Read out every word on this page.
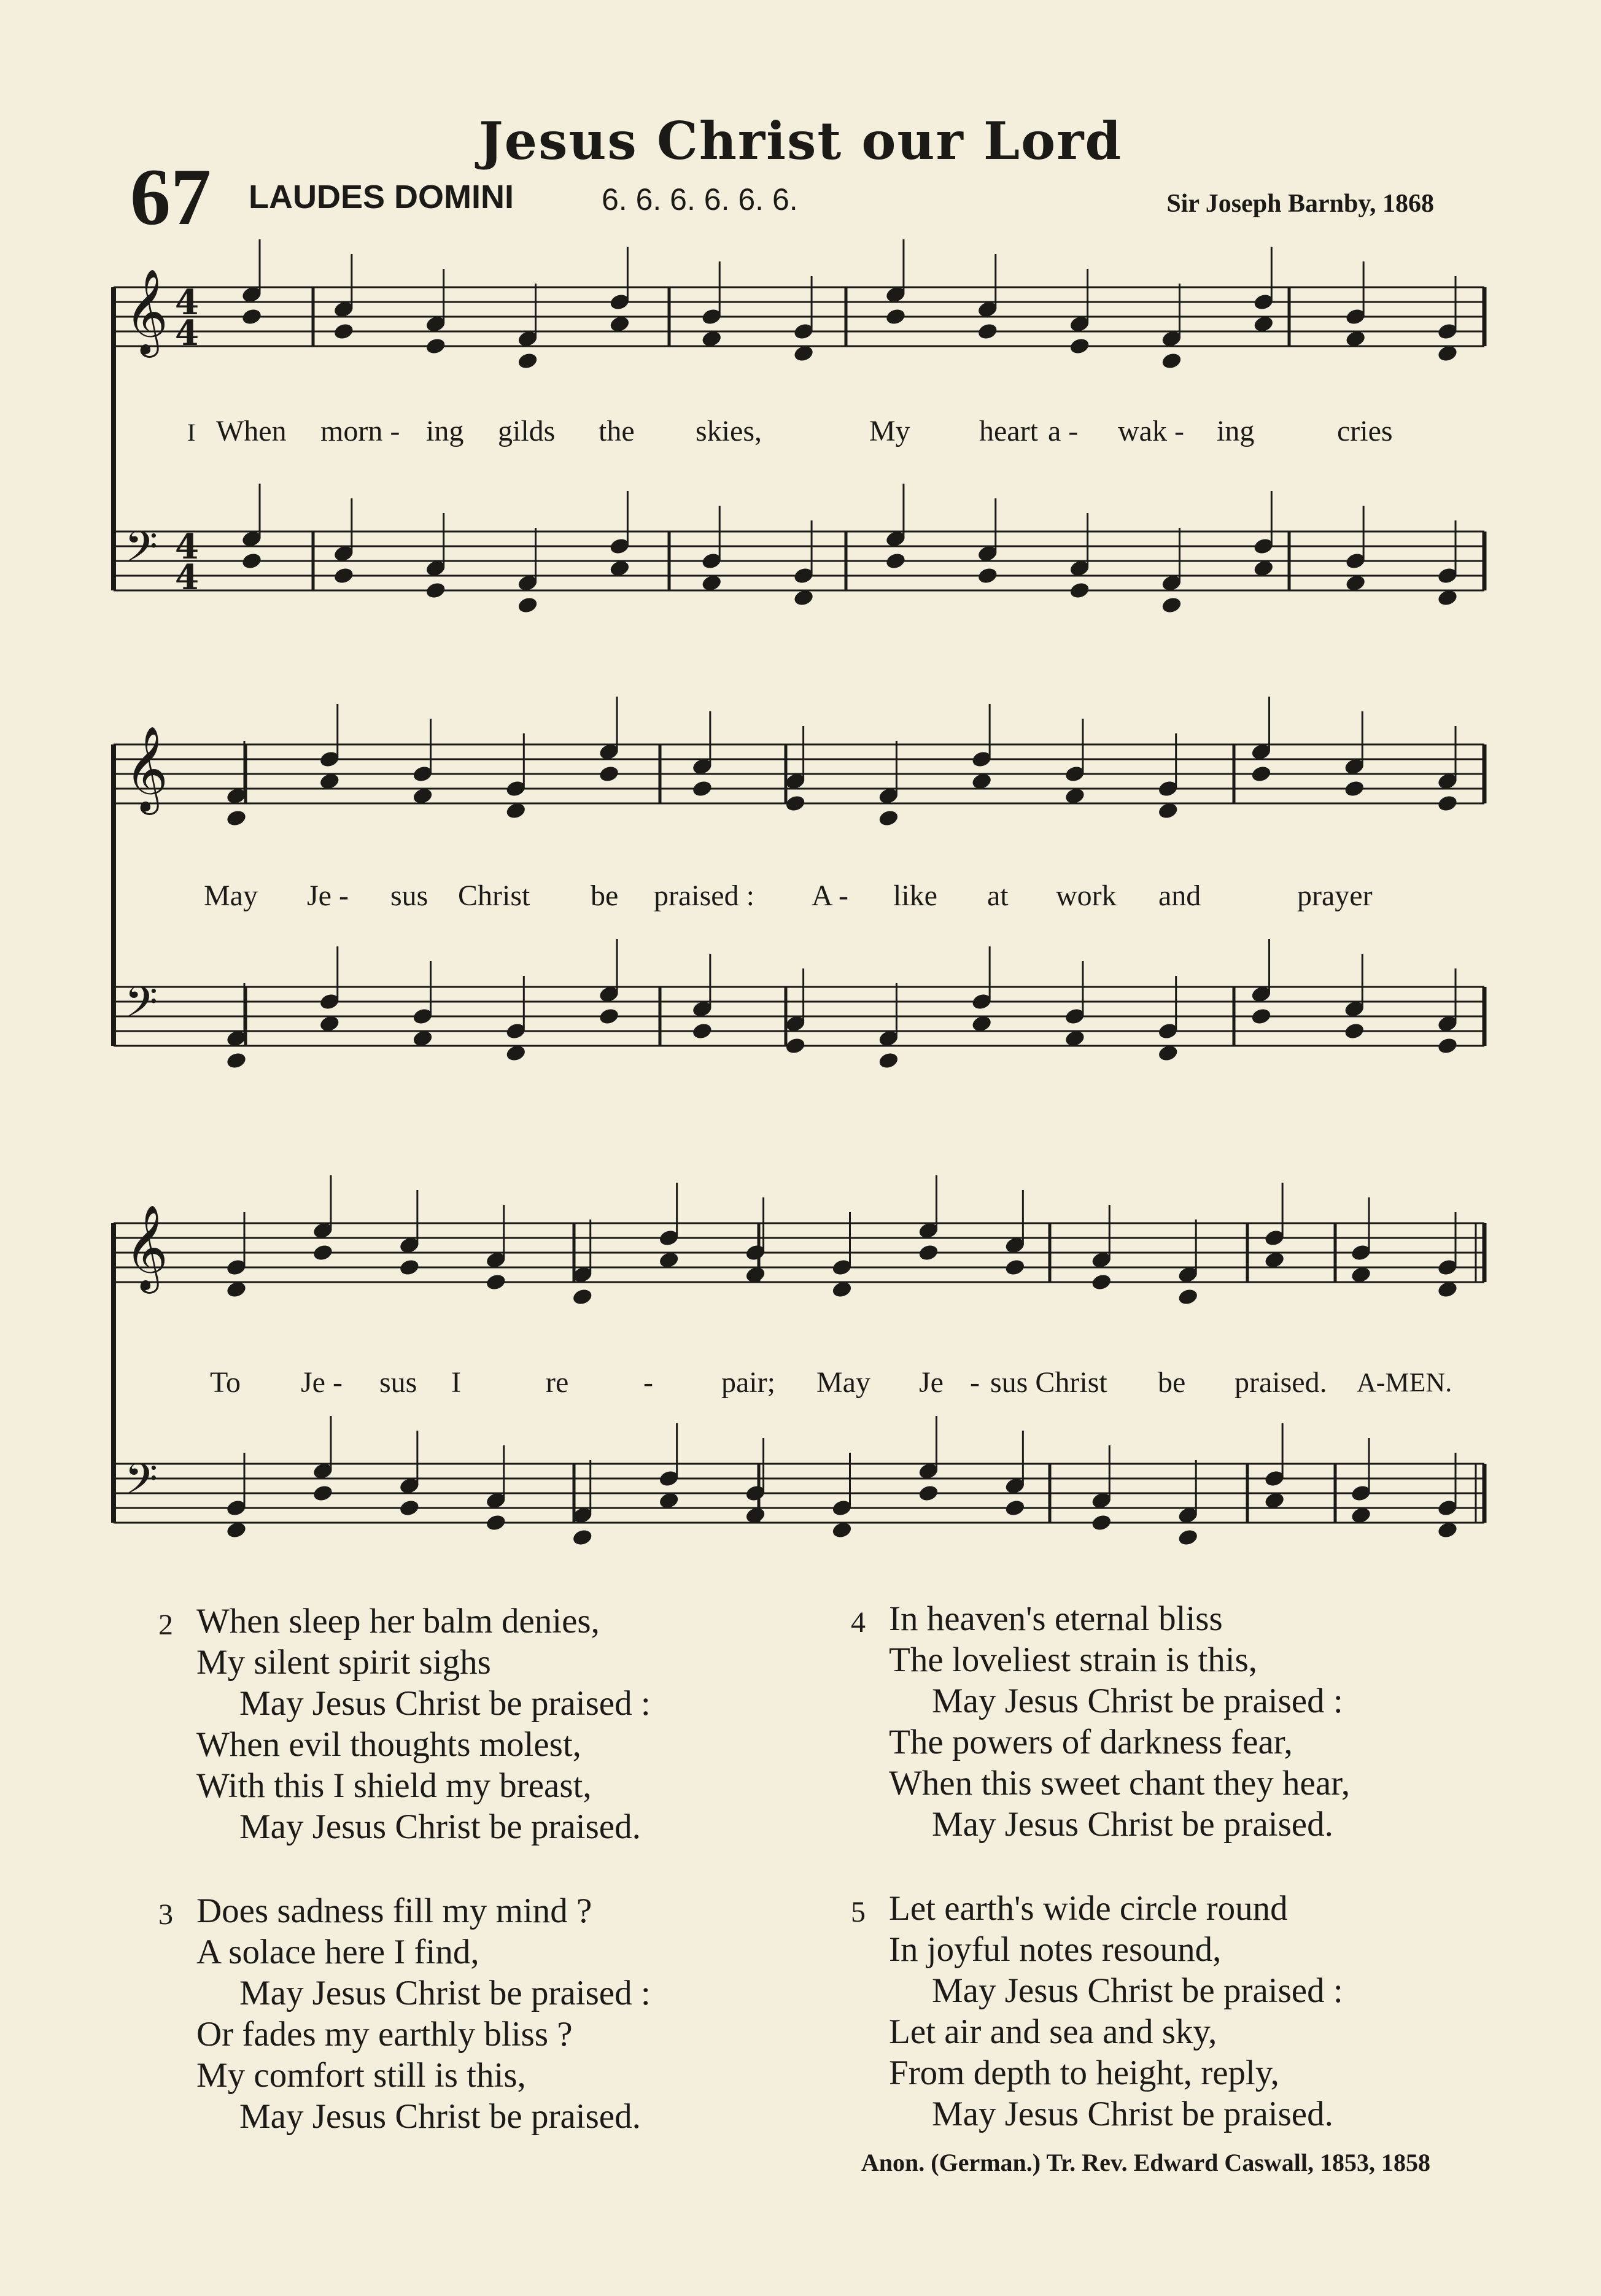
Jesus Christ our Lord
67 LAUDES DOMINI	6. 6. 6. 6. 6. 6.	Sir Joseph Barnby, 1868
𝄞 4
4
𝄢 4
4
𝄞
𝄢
𝄞
𝄢
I When morn - ing gilds the skies,	My heart a - wak - ing	cries
May Je - sus Christ be praised : A - like at work and	prayer
To Je - sus I	re	- pair; May Je - sus Christ be praised. A-MEN.
2 When sleep her balm denies,
My silent spirit sighs
May Jesus Christ be praised :
When evil thoughts molest,
With this I shield my breast,
May Jesus Christ be praised.
3 Does sadness fill my mind ?
A solace here I find,
May Jesus Christ be praised :
Or fades my earthly bliss ?
My comfort still is this,
May Jesus Christ be praised.
4 In heaven's eternal bliss
The loveliest strain is this,
May Jesus Christ be praised :
The powers of darkness fear,
When this sweet chant they hear,
May Jesus Christ be praised.
5 Let earth's wide circle round
In joyful notes resound,
May Jesus Christ be praised :
Let air and sea and sky,
From depth to height, reply,
May Jesus Christ be praised.
Anon. (German.) Tr. Rev. Edward Caswall, 1853, 1858
